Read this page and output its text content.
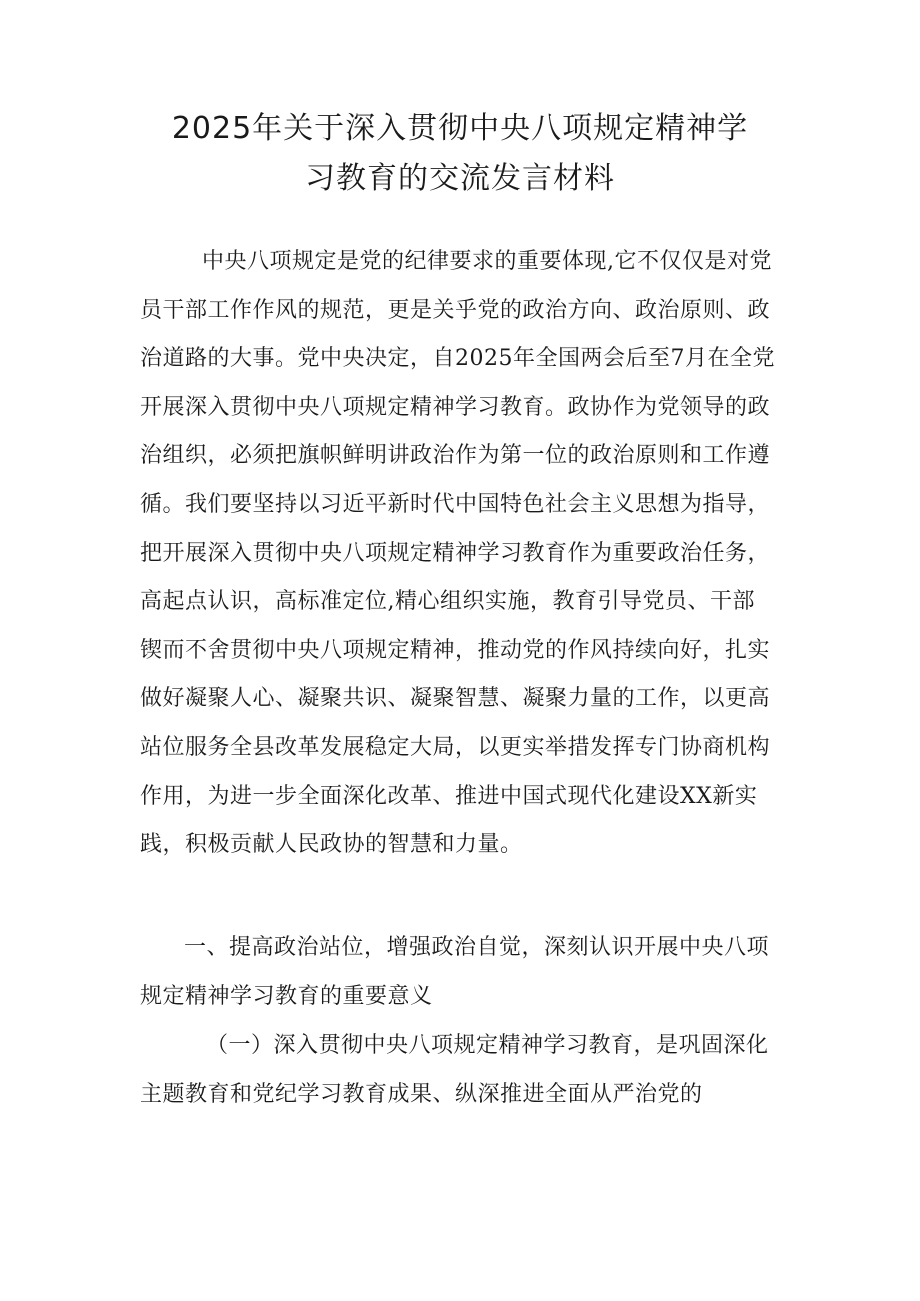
2025年关于深入贯彻中央八项规定精神学
习教育的交流发言材料
中央八项规定是党的纪律要求的重要体现,它不仅仅是对党
员干部工作作风的规范，更是关乎党的政治方向、政治原则、政
治道路的大事。党中央决定，自2025年全国两会后至7月在全党
开展深入贯彻中央八项规定精神学习教育。政协作为党领导的政
治组织，必须把旗帜鲜明讲政治作为第一位的政治原则和工作遵
循。我们要坚持以习近平新时代中国特色社会主义思想为指导，
把开展深入贯彻中央八项规定精神学习教育作为重要政治任务，
高起点认识，高标准定位,精心组织实施，教育引导党员、干部
锲而不舍贯彻中央八项规定精神，推动党的作风持续向好，扎实
做好凝聚人心、凝聚共识、凝聚智慧、凝聚力量的工作，以更高
站位服务全县改革发展稳定大局，以更实举措发挥专门协商机构
作用，为进一步全面深化改革、推进中国式现代化建设XX新实
践，积极贡献人民政协的智慧和力量。
一、提高政治站位，增强政治自觉，深刻认识开展中央八项
规定精神学习教育的重要意义
（一）深入贯彻中央八项规定精神学习教育，是巩固深化
主题教育和党纪学习教育成果、纵深推进全面从严治党的
